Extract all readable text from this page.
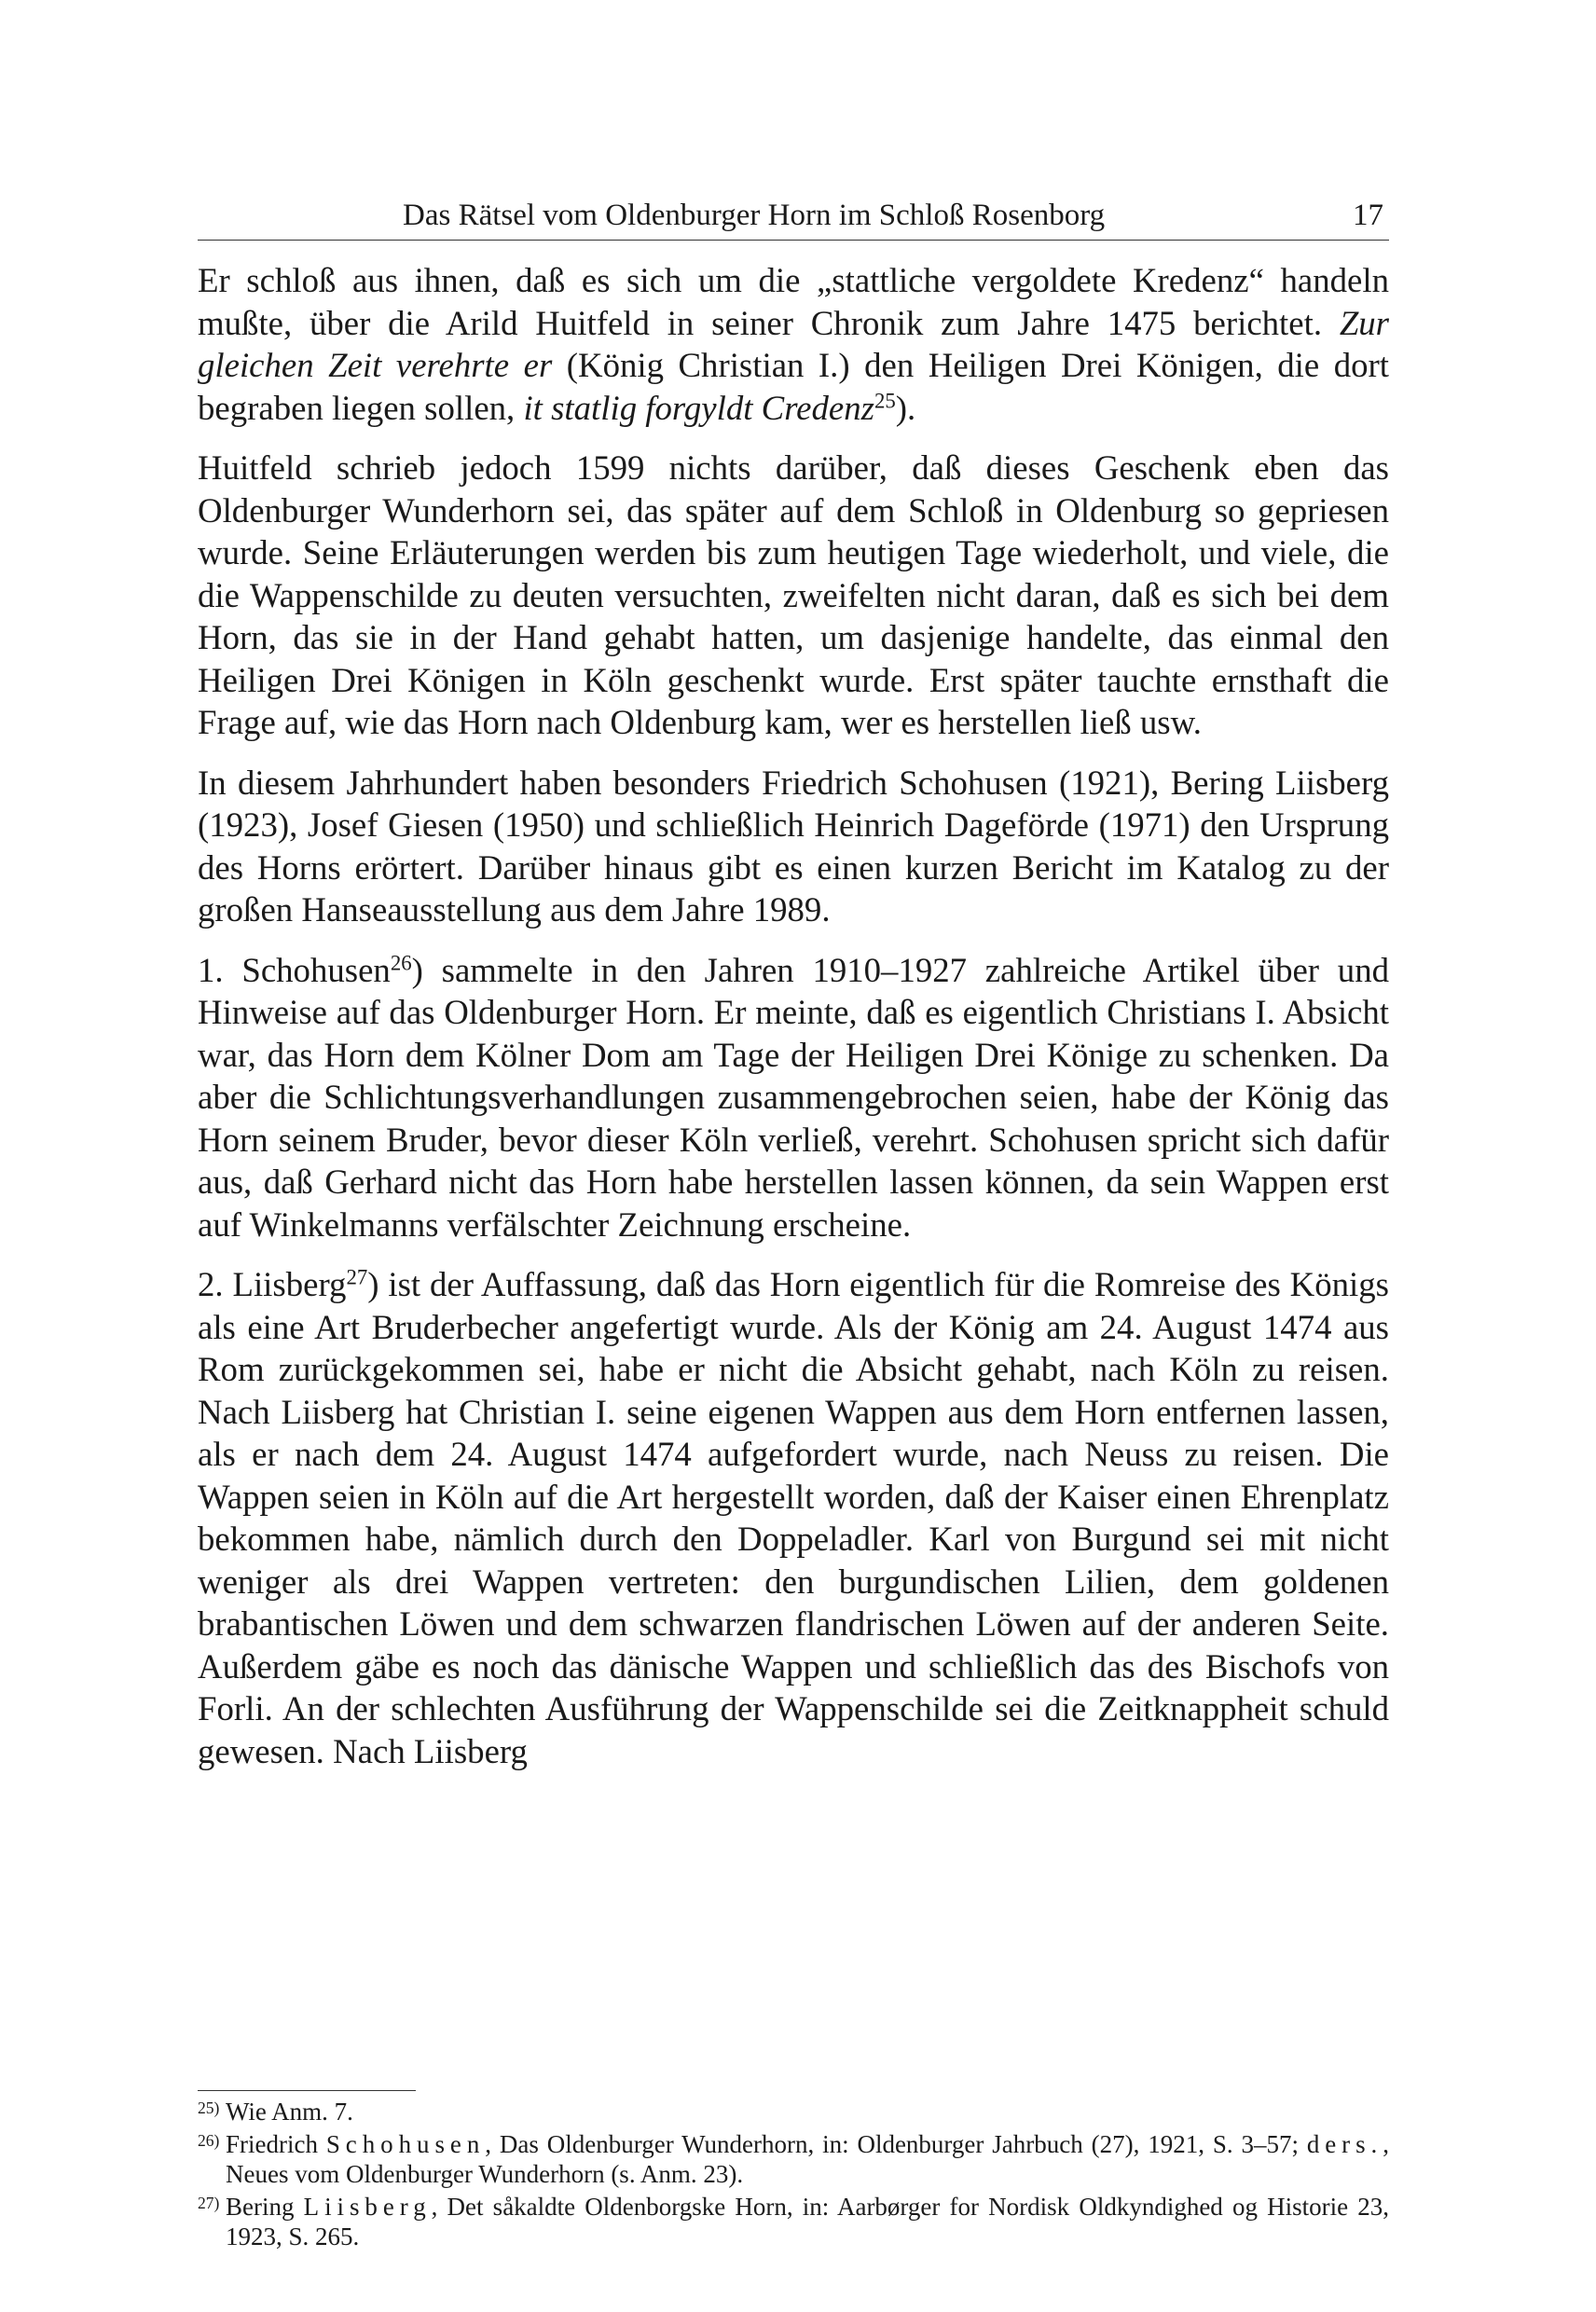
Das Rätsel vom Oldenburger Horn im Schloß Rosenborg	17

Er schloß aus ihnen, daß es sich um die „stattliche vergoldete Kredenz“ handeln mußte, über die Arild Huitfeld in seiner Chronik zum Jahre 1475 berichtet. Zur gleichen Zeit verehrte er (König Christian I.) den Heiligen Drei Königen, die dort begraben liegen sollen, it statlig forgyldt Credenz$^{25}$).

Huitfeld schrieb jedoch 1599 nichts darüber, daß dieses Geschenk eben das Oldenburger Wunderhorn sei, das später auf dem Schloß in Oldenburg so gepriesen wurde. Seine Erläuterungen werden bis zum heutigen Tage wiederholt, und viele, die die Wappenschilde zu deuten versuchten, zweifelten nicht daran, daß es sich bei dem Horn, das sie in der Hand gehabt hatten, um dasjenige handelte, das einmal den Heiligen Drei Königen in Köln geschenkt wurde. Erst später tauchte ernsthaft die Frage auf, wie das Horn nach Oldenburg kam, wer es herstellen ließ usw.

In diesem Jahrhundert haben besonders Friedrich Schohusen (1921), Bering Liisberg (1923), Josef Giesen (1950) und schließlich Heinrich Dageförde (1971) den Ursprung des Horns erörtert. Darüber hinaus gibt es einen kurzen Bericht im Katalog zu der großen Hanseausstellung aus dem Jahre 1989.

1. Schohusen$^{26}$) sammelte in den Jahren 1910–1927 zahlreiche Artikel über und Hinweise auf das Oldenburger Horn. Er meinte, daß es eigentlich Christians I. Absicht war, das Horn dem Kölner Dom am Tage der Heiligen Drei Könige zu schenken. Da aber die Schlichtungsverhandlungen zusammengebrochen seien, habe der König das Horn seinem Bruder, bevor dieser Köln verließ, verehrt. Schohusen spricht sich dafür aus, daß Gerhard nicht das Horn habe herstellen lassen können, da sein Wappen erst auf Winkelmanns verfälschter Zeichnung erscheine.

2. Liisberg$^{27}$) ist der Auffassung, daß das Horn eigentlich für die Romreise des Königs als eine Art Bruderbecher angefertigt wurde. Als der König am 24. August 1474 aus Rom zurückgekommen sei, habe er nicht die Absicht gehabt, nach Köln zu reisen. Nach Liisberg hat Christian I. seine eigenen Wappen aus dem Horn entfernen lassen, als er nach dem 24. August 1474 aufgefordert wurde, nach Neuss zu reisen. Die Wappen seien in Köln auf die Art hergestellt worden, daß der Kaiser einen Ehrenplatz bekommen habe, nämlich durch den Doppeladler. Karl von Burgund sei mit nicht weniger als drei Wappen vertreten: den burgundischen Lilien, dem goldenen brabantischen Löwen und dem schwarzen flandrischen Löwen auf der anderen Seite. Außerdem gäbe es noch das dänische Wappen und schließlich das des Bischofs von Forli. An der schlechten Ausführung der Wappenschilde sei die Zeitknappheit schuld gewesen. Nach Liisberg

25) Wie Anm. 7.
26) Friedrich Schohusen, Das Oldenburger Wunderhorn, in: Oldenburger Jahrbuch (27), 1921, S. 3–57; ders., Neues vom Oldenburger Wunderhorn (s. Anm. 23).
27) Bering Liisberg, Det såkaldte Oldenborgske Horn, in: Aarbørger for Nordisk Oldkyndighed og Historie 23, 1923, S. 265.
